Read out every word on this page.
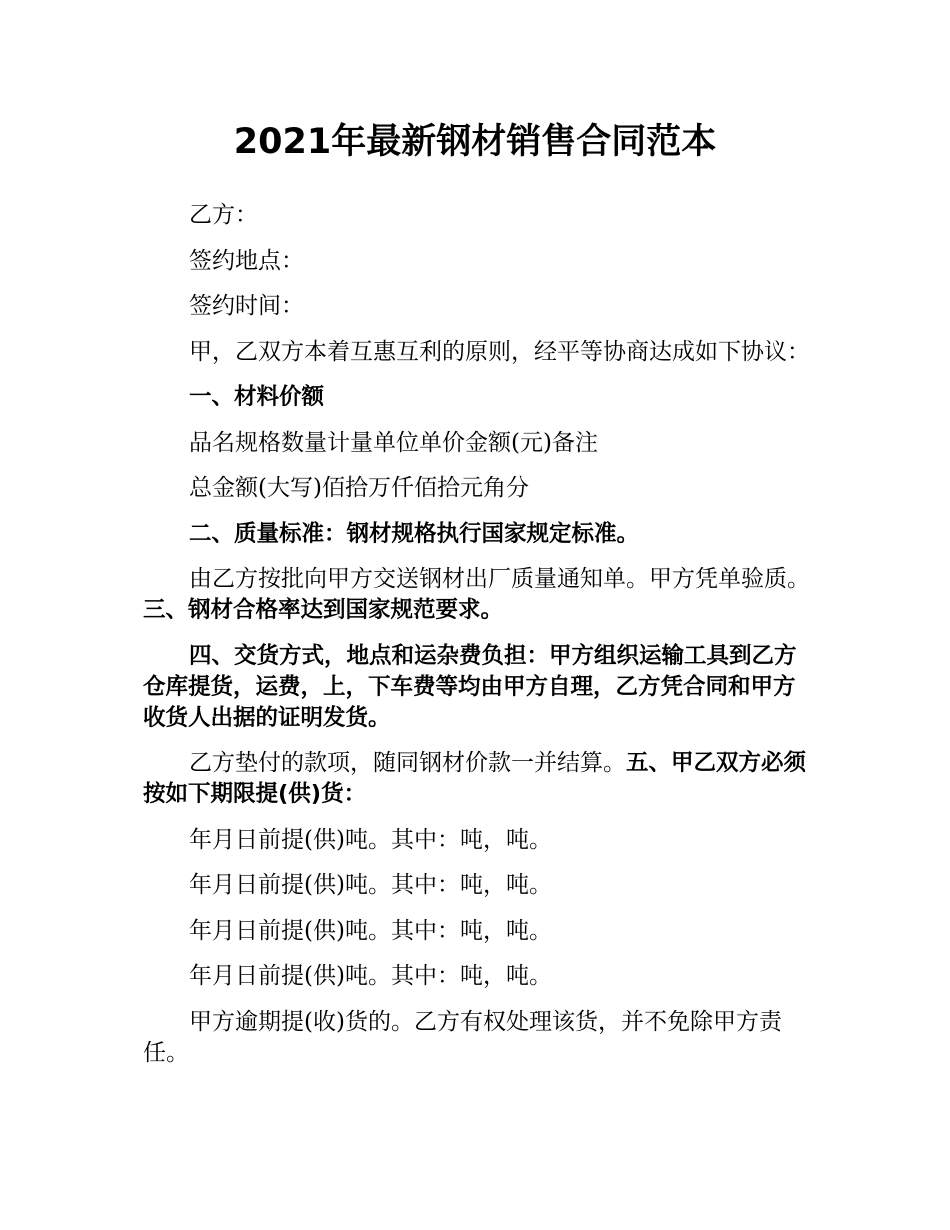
2021年最新钢材销售合同范本

乙方：

签约地点：

签约时间：

甲，乙双方本着互惠互利的原则，经平等协商达成如下协议：

一、材料价额

品名规格数量计量单位单价金额(元)备注

总金额(大写)佰拾万仟佰拾元角分

二、质量标准：钢材规格执行国家规定标准。

由乙方按批向甲方交送钢材出厂质量通知单。甲方凭单验质。三、钢材合格率达到国家规范要求。

四、交货方式，地点和运杂费负担：甲方组织运输工具到乙方仓库提货，运费，上，下车费等均由甲方自理，乙方凭合同和甲方收货人出据的证明发货。

乙方垫付的款项，随同钢材价款一并结算。五、甲乙双方必须按如下期限提(供)货：

年月日前提(供)吨。其中：吨，吨。

年月日前提(供)吨。其中：吨，吨。

年月日前提(供)吨。其中：吨，吨。

年月日前提(供)吨。其中：吨，吨。

甲方逾期提(收)货的。乙方有权处理该货，并不免除甲方责任。
